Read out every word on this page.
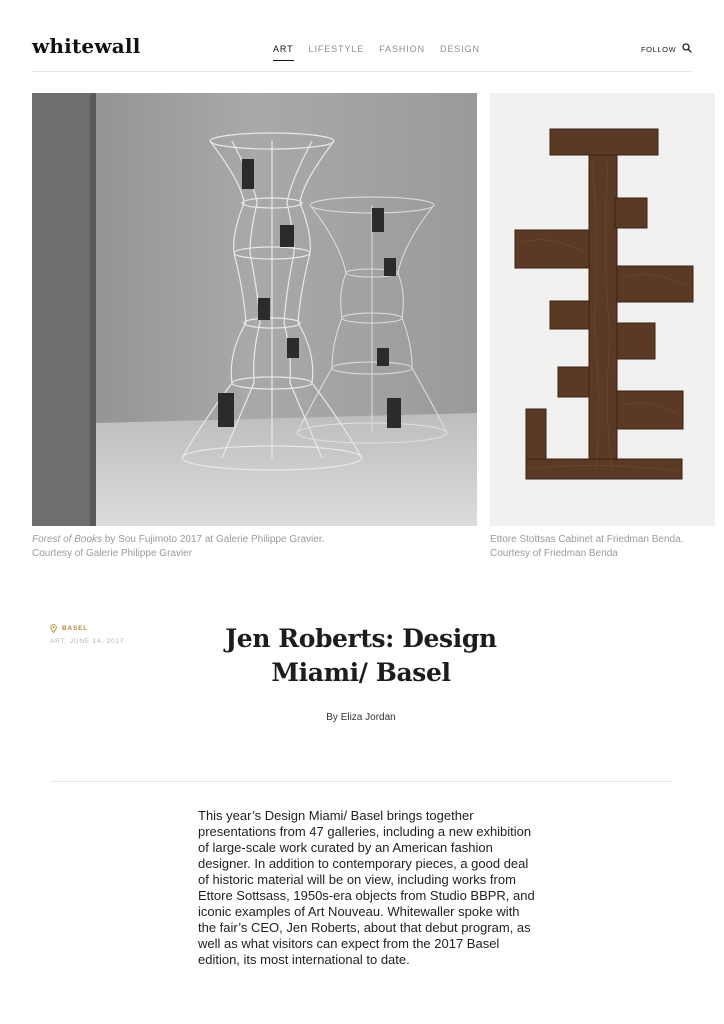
whitewall	ART LIFESTYLE FASHION DESIGN	FOLLOW
Forest of Books by Sou Fujimoto 2017 at Galerie Philippe Gravier.
Courtesy of Galerie Philippe Gravier
Ettore Stottsas Cabinet at Friedman Benda.
Courtesy of Friedman Benda
BASEL
ART, JUNE 14, 2017	Jen Roberts: Design Miami/ Basel
By Eliza Jordan

This year’s Design Miami/ Basel brings together presentations from 47 galleries, including a new exhibition of large-scale work curated by an American fashion designer. In addition to contemporary pieces, a good deal of historic material will be on view, including works from Ettore Sottsass, 1950s-era objects from Studio BBPR, and iconic examples of Art Nouveau. Whitewaller spoke with the fair’s CEO, Jen Roberts, about that debut program, as well as what visitors can expect from the 2017 Basel edition, its most international to date.
